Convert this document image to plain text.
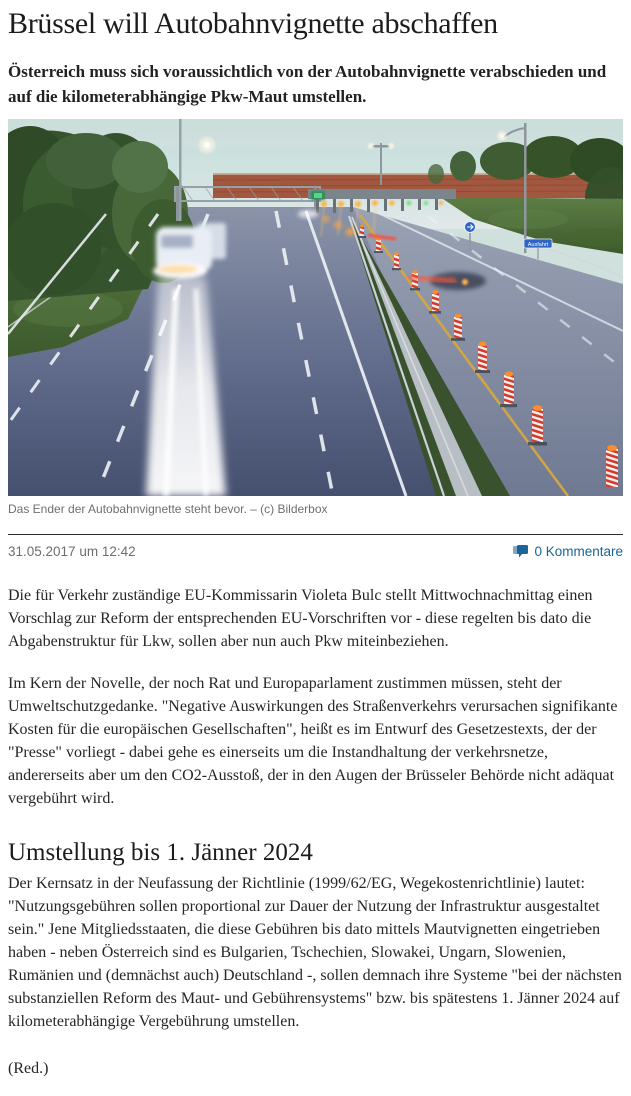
Brüssel will Autobahnvignette abschaffen

Österreich muss sich voraussichtlich von der Autobahnvignette verabschieden und auf die kilometerabhängige Pkw-Maut umstellen.

Ausfahrt
Das Ender der Autobahnvignette steht bevor. – (c) Bilderbox
31.05.2017 um 12:42	0 Kommentare

Die für Verkehr zuständige EU-Kommissarin Violeta Bulc stellt Mittwochnachmittag einen Vorschlag zur Reform der entsprechenden EU-Vorschriften vor - diese regelten bis dato die Abgabenstruktur für Lkw, sollen aber nun auch Pkw miteinbeziehen.

Im Kern der Novelle, der noch Rat und Europaparlament zustimmen müssen, steht der Umweltschutzgedanke. "Negative Auswirkungen des Straßenverkehrs verursachen signifikante Kosten für die europäischen Gesellschaften", heißt es im Entwurf des Gesetzestexts, der der "Presse" vorliegt - dabei gehe es einerseits um die Instandhaltung der verkehrsnetze, andererseits aber um den CO2-Ausstoß, der in den Augen der Brüsseler Behörde nicht adäquat vergebührt wird.

Umstellung bis 1. Jänner 2024

Der Kernsatz in der Neufassung der Richtlinie (1999/62/EG, Wegekostenrichtlinie) lautet: "Nutzungsgebühren sollen proportional zur Dauer der Nutzung der Infrastruktur ausgestaltet sein." Jene Mitgliedsstaaten, die diese Gebühren bis dato mittels Mautvignetten eingetrieben haben - neben Österreich sind es Bulgarien, Tschechien, Slowakei, Ungarn, Slowenien, Rumänien und (demnächst auch) Deutschland -, sollen demnach ihre Systeme "bei der nächsten substanziellen Reform des Maut- und Gebührensystems" bzw. bis spätestens 1. Jänner 2024 auf kilometerabhängige Vergebührung umstellen.

(Red.)
